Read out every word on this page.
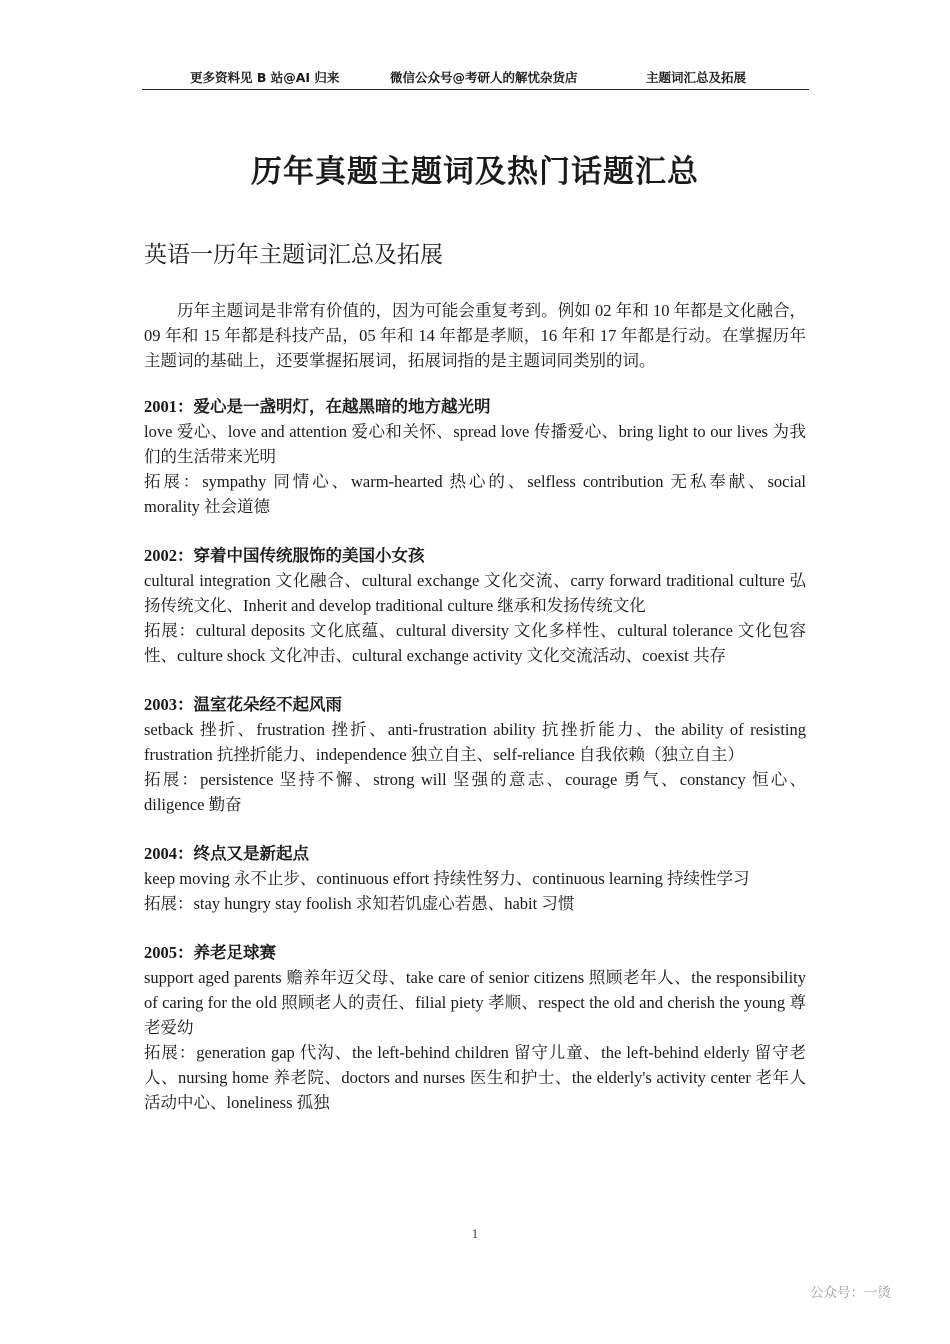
更多资料见 B 站@AI 归来	微信公众号@考研人的解忧杂货店	主题词汇总及拓展
历年真题主题词及热门话题汇总
英语一历年主题词汇总及拓展

历年主题词是非常有价值的，因为可能会重复考到。例如 02 年和 10 年都是文化融合，09 年和 15 年都是科技产品，05 年和 14 年都是孝顺，16 年和 17 年都是行动。在掌握历年主题词的基础上，还要掌握拓展词，拓展词指的是主题词同类别的词。

2001：爱心是一盏明灯，在越黑暗的地方越光明

love 爱心、love and attention 爱心和关怀、spread love 传播爱心、bring light to our lives 为我们的生活带来光明

拓展：sympathy 同情心、warm-hearted 热心的、selfless contribution 无私奉献、social morality 社会道德

2002：穿着中国传统服饰的美国小女孩

cultural integration 文化融合、cultural exchange 文化交流、carry forward traditional culture 弘扬传统文化、Inherit and develop traditional culture 继承和发扬传统文化

拓展：cultural deposits 文化底蕴、cultural diversity 文化多样性、cultural tolerance 文化包容性、culture shock 文化冲击、cultural exchange activity 文化交流活动、coexist 共存

2003：温室花朵经不起风雨

setback 挫折、frustration 挫折、anti-frustration ability 抗挫折能力、the ability of resisting frustration 抗挫折能力、independence 独立自主、self-reliance 自我依赖（独立自主）

拓展：persistence 坚持不懈、strong will 坚强的意志、courage 勇气、constancy 恒心、diligence 勤奋

2004：终点又是新起点

keep moving 永不止步、continuous effort 持续性努力、continuous learning 持续性学习

拓展：stay hungry stay foolish 求知若饥虚心若愚、habit 习惯

2005：养老足球赛

support aged parents 赡养年迈父母、take care of senior citizens 照顾老年人、the responsibility of caring for the old 照顾老人的责任、filial piety 孝顺、respect the old and cherish the young 尊老爱幼

拓展：generation gap 代沟、the left-behind children 留守儿童、the left-behind elderly 留守老人、nursing home 养老院、doctors and nurses 医生和护士、the elderly's activity center 老年人活动中心、loneliness 孤独

1
公众号：一烫
